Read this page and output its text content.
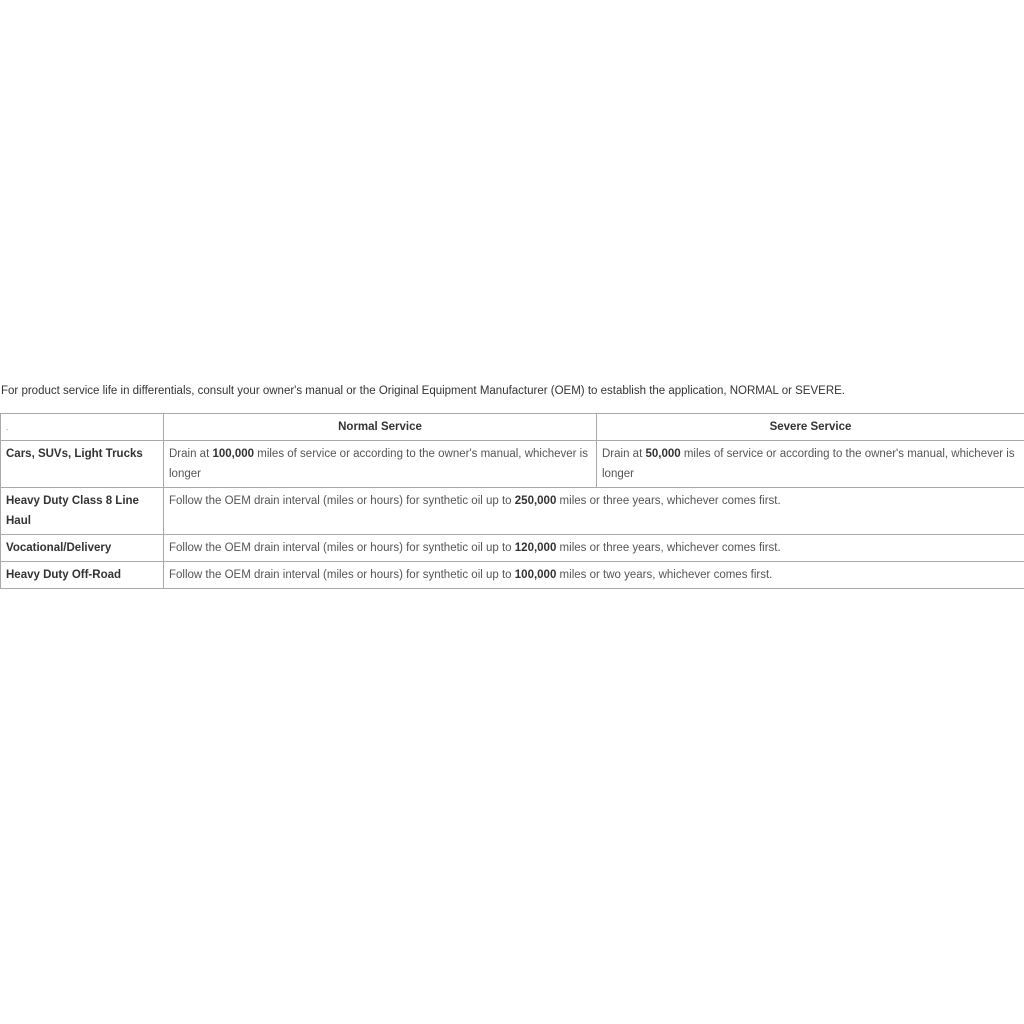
For product service life in differentials, consult your owner's manual or the Original Equipment Manufacturer (OEM) to establish the application, NORMAL or SEVERE.
.	Normal Service	Severe Service
Cars, SUVs, Light Trucks	Drain at 100,000 miles of service or according to the owner's manual, whichever is longer	Drain at 50,000 miles of service or according to the owner's manual, whichever is longer
Heavy Duty Class 8 Line Haul	Follow the OEM drain interval (miles or hours) for synthetic oil up to 250,000 miles or three years, whichever comes first.	
Vocational/Delivery	Follow the OEM drain interval (miles or hours) for synthetic oil up to 120,000 miles or three years, whichever comes first.	
Heavy Duty Off-Road	Follow the OEM drain interval (miles or hours) for synthetic oil up to 100,000 miles or two years, whichever comes first.	
